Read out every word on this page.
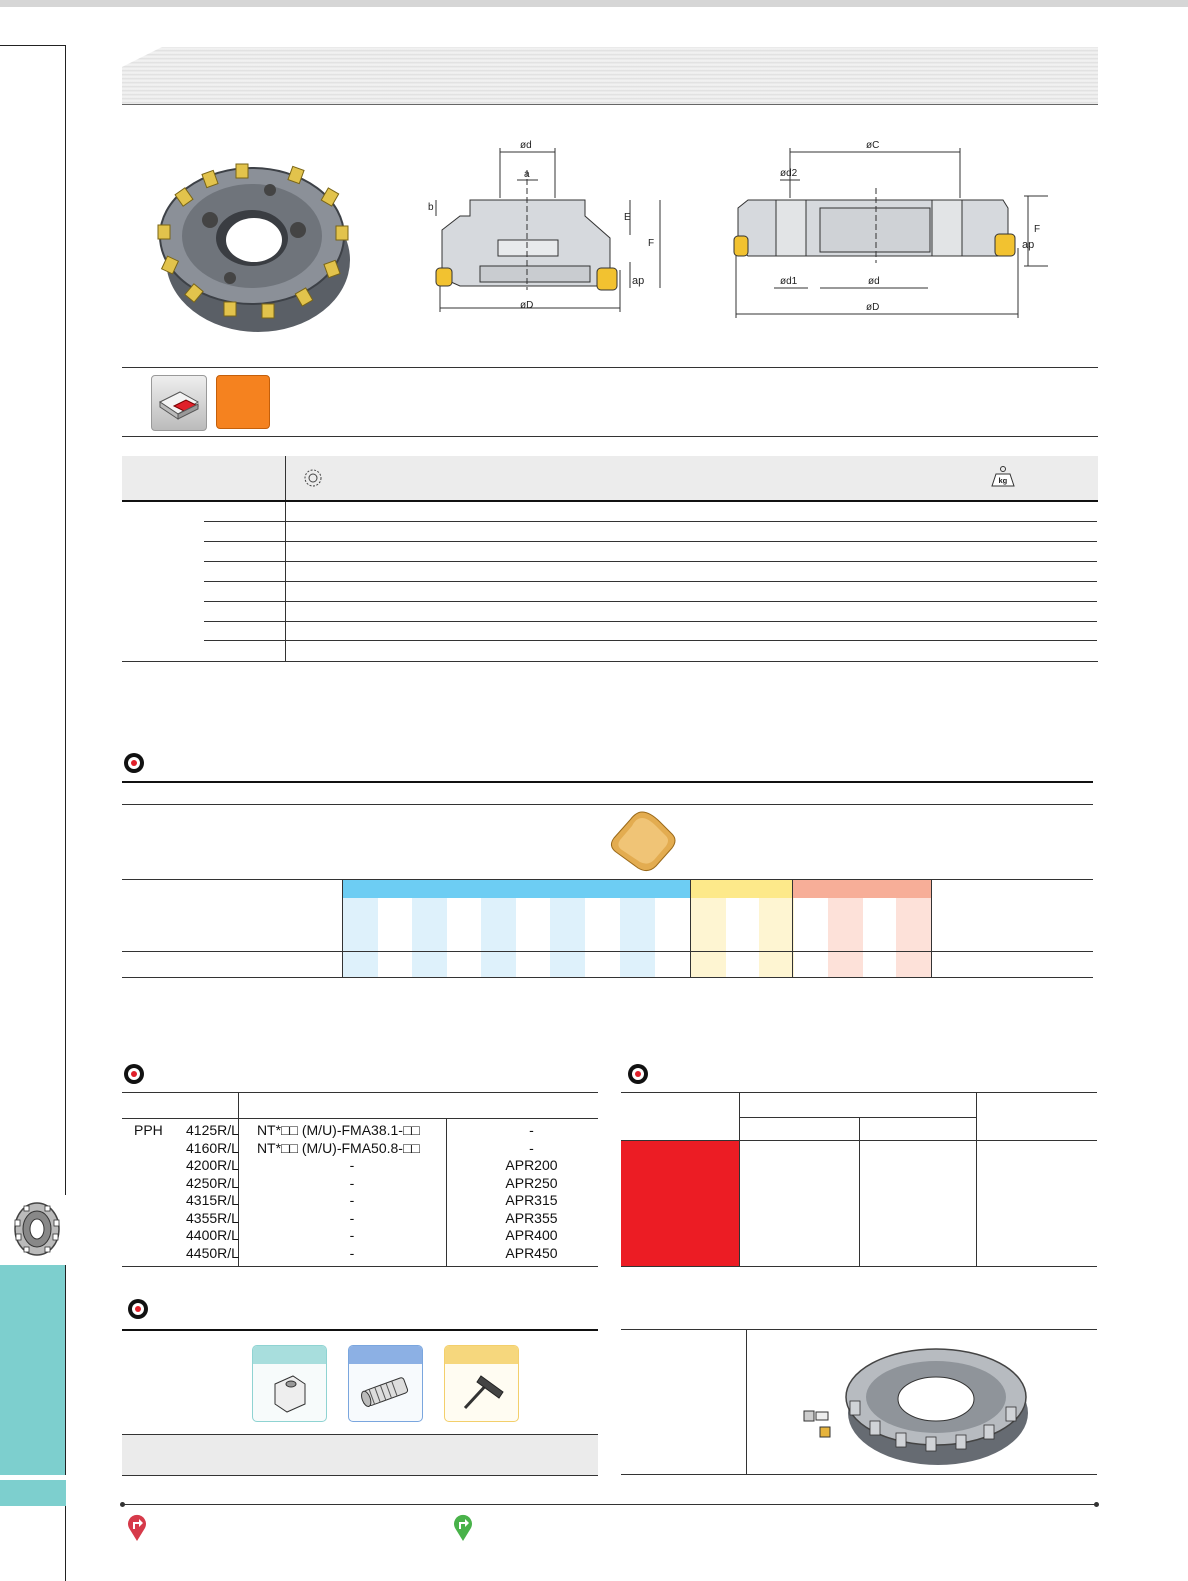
ød
a
b
E
F
ap
øD
øC
ød2
ød1	ød
øD
F
ap
kg
PPH	4125R/L	NT*□□ (M/U)-FMA38.1-□□	-
	4160R/L	NT*□□ (M/U)-FMA50.8-□□	-
	4200R/L	-	APR200
	4250R/L	-	APR250
	4315R/L	-	APR315
	4355R/L	-	APR355
	4400R/L	-	APR400
	4450R/L	-	APR450
